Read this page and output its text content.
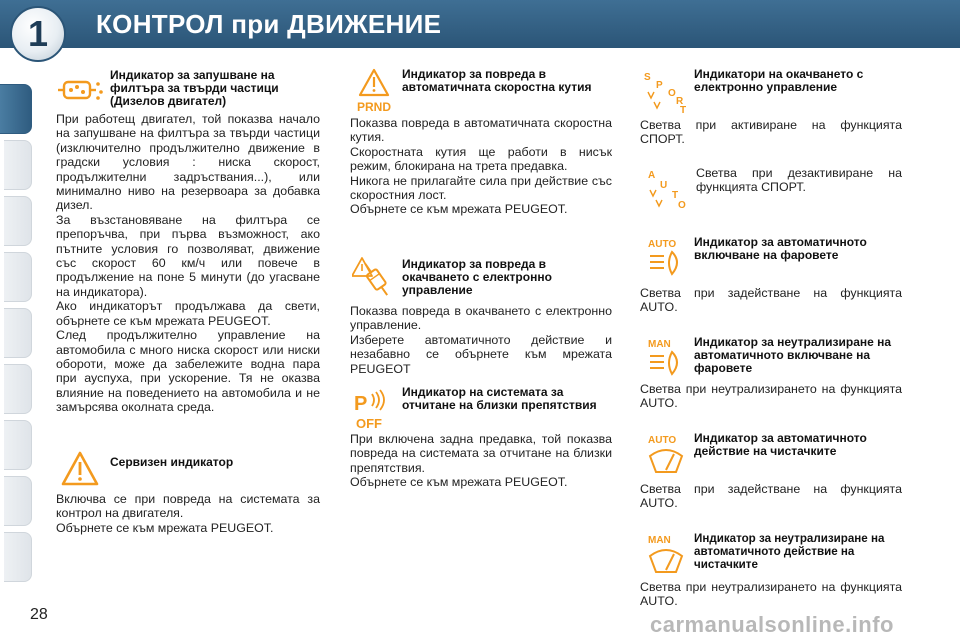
1	КОНТРОЛ при ДВИЖЕНИЕ
Индикатор за запушване на филтъра за твърди частици (Дизелов двигател)
При работещ двигател, той показва начало на запушване на филтъра за твърди частици (изключително продължително движение в градски условия : ниска скорост, продължителни задръствания...), или минимално ниво на резервоара за добавка дизел.
За възстановяване на филтъра се препоръчва, при първа възможност, ако пътните условия го позволяват, движение със скорост 60 км/ч или повече в продължение на поне 5 минути (до угасване на индикатора).
Ако индикаторът продължава да свети, обърнете се към мрежата PEUGEOT.
След продължително управление на автомобила с много ниска скорост или ниски обороти, може да забележите водна пара при ауспуха, при ускорение. Тя не оказва влияние на поведението на автомобила и не замърсява околната среда.
Сервизен индикатор
Включва се при повреда на системата за контрол на двигателя.
Обърнете се към мрежата PEUGEOT.
PRND
Индикатор за повреда в автоматичната скоростна кутия
Показва повреда в автоматичната скоростна кутия.
Скоростната кутия ще работи в нисък режим, блокирана на трета предавка.
Никога не прилагайте сила при действие със скоростния лост.
Обърнете се към мрежата PEUGEOT.
Индикатор за повреда в окачването с електронно управление
Показва повреда в окачването с електронно управление.
Изберете автоматичното действие и незабавно се обърнете към мрежата PEUGEOT
P
OFF
Индикатор на системата за отчитане на близки препятствия
При включена задна предавка, той показва повреда на системата за отчитане на близки препятствия.
Обърнете се към мрежата PEUGEOT.
S
P
O
R
T
Индикатори на окачването с електронно управление
Светва при активиране на функцията СПОРТ.
A
U
T
O
Светва при дезактивиране на функцията СПОРТ.
AUTO Индикатор за автоматичното включване на фаровете
Светва при задействане на функцията AUTO.
MAN Индикатор за неутрализиране на автоматичното включване на фаровете
Светва при неутрализирането на функцията AUTO.
AUTO Индикатор за автоматичното действие на чистачките
Светва при задействане на функцията AUTO.
MAN Индикатор за неутрализиране на автоматичното действие на чистачките
Светва при неутрализирането на функцията AUTO.
28	carmanualsonline.info
